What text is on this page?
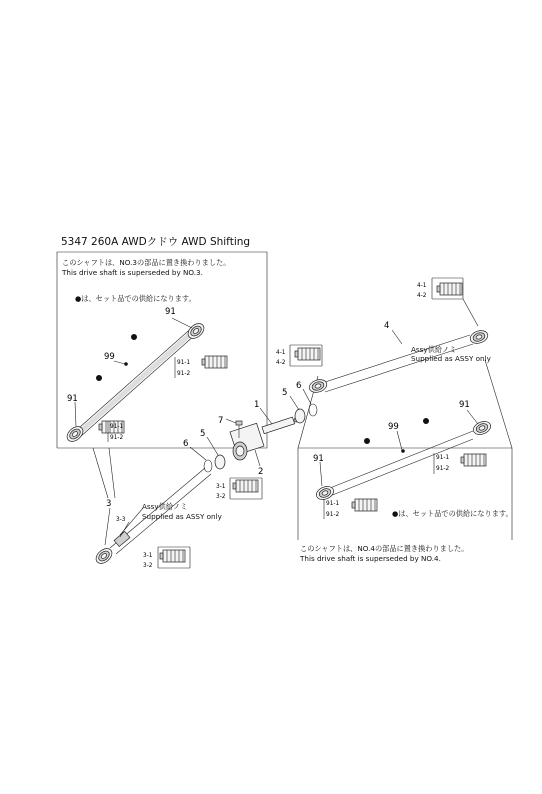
5347 260A AWDクドウ AWD Shifting
このシャフトは、NO.3の部品に置き換わりました。
This drive shaft is superseded by NO.3.
●は、セット品での供給になります。
●は、セット品での供給になります。
このシャフトは、NO.4の部品に置き換わりました。
This drive shaft is superseded by NO.4.
Assy供給ノミ
Supplied as ASSY only
Assy供給ノミ
Supplied as ASSY only
91
99
91
91-1
91-2
91-1
91-2
91
99
91	91-1
91-2
91-1
91-2
4
4-1
4-2
4-1
4-2
1
5
6
2
7
5
6
3
3-3
3-1
3-2
3-1
3-2
